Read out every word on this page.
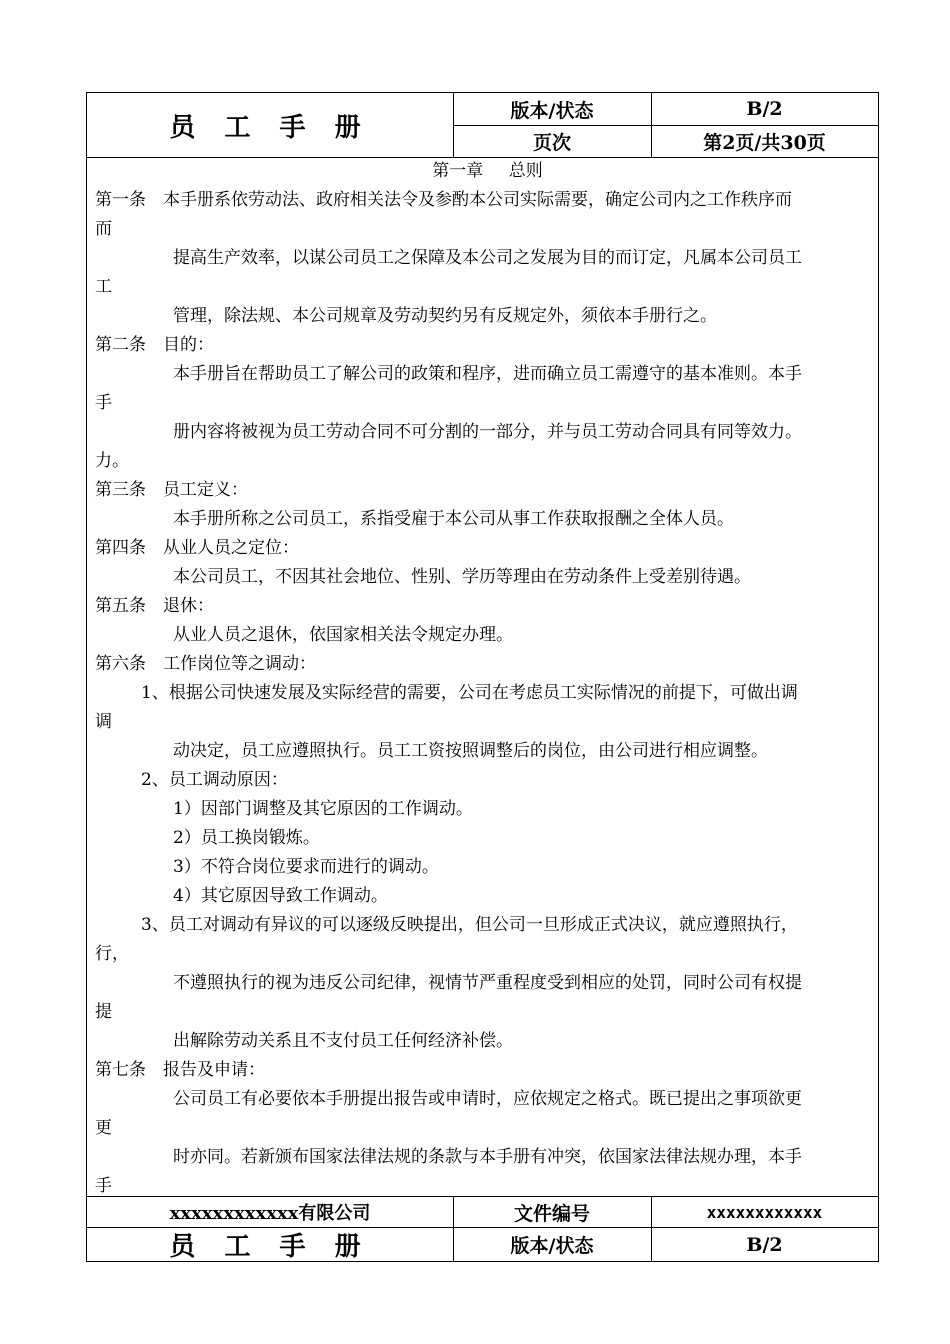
员 工 手 册
版本/状态	B/2
页次	第2页/共30页
第一章 总则
第一条　本手册系依劳动法、政府相关法令及参酌本公司实际需要，确定公司内之工作秩序而
而
提高生产效率，以谋公司员工之保障及本公司之发展为目的而订定，凡属本公司员工
工
管理，除法规、本公司规章及劳动契约另有反规定外，须依本手册行之。
第二条　目的：
本手册旨在帮助员工了解公司的政策和程序，进而确立员工需遵守的基本准则。本手
手
册内容将被视为员工劳动合同不可分割的一部分，并与员工劳动合同具有同等效力。
力。
第三条　员工定义：
本手册所称之公司员工，系指受雇于本公司从事工作获取报酬之全体人员。
第四条　从业人员之定位：
本公司员工，不因其社会地位、性别、学历等理由在劳动条件上受差别待遇。
第五条　退休：
从业人员之退休，依国家相关法令规定办理。
第六条　工作岗位等之调动：
1、根据公司快速发展及实际经营的需要，公司在考虑员工实际情况的前提下，可做出调
调
动决定，员工应遵照执行。员工工资按照调整后的岗位，由公司进行相应调整。
2、员工调动原因：
1）因部门调整及其它原因的工作调动。
2）员工换岗锻炼。
3）不符合岗位要求而进行的调动。
4）其它原因导致工作调动。
3、员工对调动有异议的可以逐级反映提出，但公司一旦形成正式决议，就应遵照执行，
行，
不遵照执行的视为违反公司纪律，视情节严重程度受到相应的处罚，同时公司有权提
提
出解除劳动关系且不支付员工任何经济补偿。
第七条　报告及申请：
公司员工有必要依本手册提出报告或申请时，应依规定之格式。既已提出之事项欲更
更
时亦同。若新颁布国家法律法规的条款与本手册有冲突，依国家法律法规办理，本手
手
xxxxxxxxxxxx有限公司	文件编号	xxxxxxxxxxxx
员 工 手 册	版本/状态	B/2
